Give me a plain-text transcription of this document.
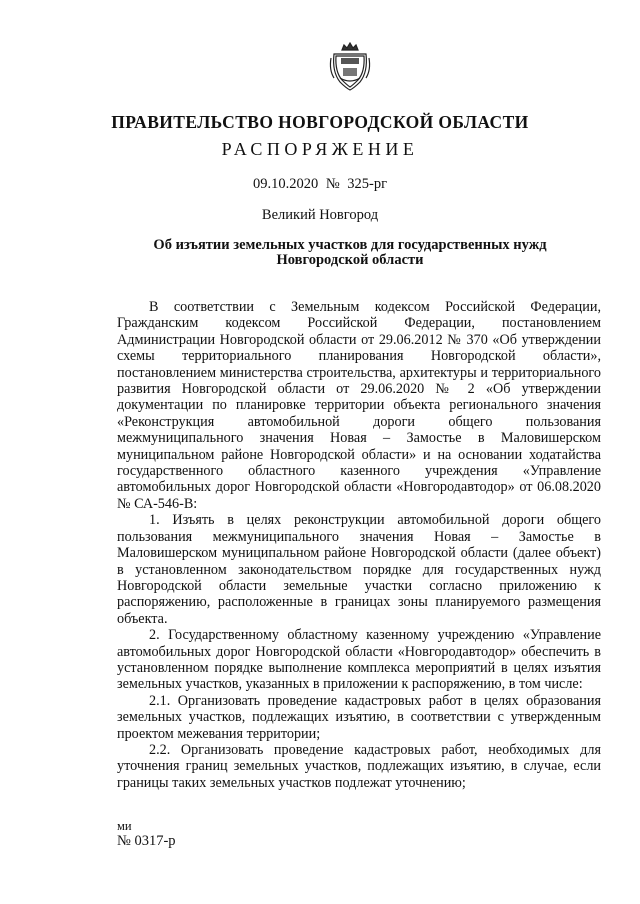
ПРАВИТЕЛЬСТВО НОВГОРОДСКОЙ ОБЛАСТИ
РАСПОРЯЖЕНИЕ
09.10.2020 № 325-рг
Великий Новгород
Об изъятии земельных участков для государственных нужд
Новгородской области

В соответствии с Земельным кодексом Российской Федерации, Гражданским кодексом Российской Федерации, постановлением Администрации Новгородской области от 29.06.2012 № 370 «Об утверждении схемы территориального планирования Новгородской области», постановлением министерства строительства, архитектуры и территориального развития Новгородской области от 29.06.2020 № 2 «Об утверждении документации по планировке территории объекта регионального значения «Реконструкция автомобильной дороги общего пользования межмуниципального значения Новая – Замостье в Маловишерском муниципальном районе Новгородской области» и на основании ходатайства государственного областного казенного учреждения «Управление автомобильных дорог Новгородской области «Новгородавтодор» от 06.08.2020 № СА-546-В:

1. Изъять в целях реконструкции автомобильной дороги общего пользования межмуниципального значения Новая – Замостье в Маловишерском муниципальном районе Новгородской области (далее объект) в установленном законодательством порядке для государственных нужд Новгородской области земельные участки согласно приложению к распоряжению, расположенные в границах зоны планируемого размещения объекта.

2. Государственному областному казенному учреждению «Управление автомобильных дорог Новгородской области «Новгородавтодор» обеспечить в установленном порядке выполнение комплекса мероприятий в целях изъятия земельных участков, указанных в приложении к распоряжению, в том числе:

2.1. Организовать проведение кадастровых работ в целях образования земельных участков, подлежащих изъятию, в соответствии с утвержденным проектом межевания территории;

2.2. Организовать проведение кадастровых работ, необходимых для уточнения границ земельных участков, подлежащих изъятию, в случае, если границы таких земельных участков подлежат уточнению;

ми
№ 0317-р
